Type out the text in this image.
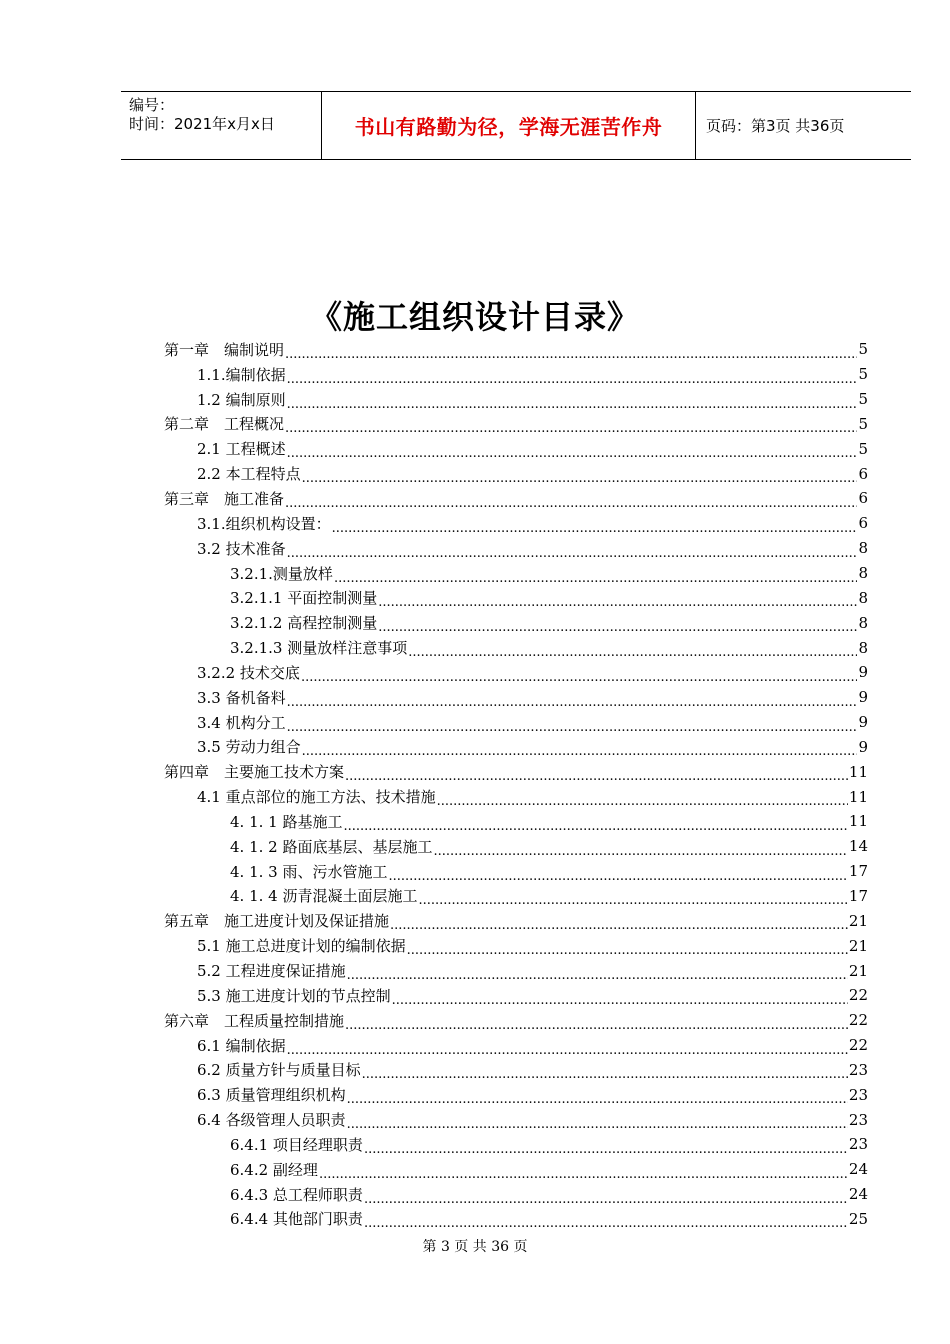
编号：
时间：2021年x月x日	书山有路勤为径，学海无涯苦作舟	页码：第3页 共36页
《施工组织设计目录》
第一章　编制说明 .....	5
1.1.编制依据 .....	5
1.2 编制原则 .....	5
第二章　工程概况 .....	5
2.1 工程概述 .....	5
2.2 本工程特点 .....	6
第三章　施工准备 .....	6
3.1.组织机构设置： .....	6
3.2 技术准备 .....	8
3.2.1.测量放样 .....	8
3.2.1.1 平面控制测量 .....	8
3.2.1.2 高程控制测量 .....	8
3.2.1.3 测量放样注意事项 .....	8
3.2.2 技术交底 .....	9
3.3 备机备料 .....	9
3.4 机构分工 .....	9
3.5 劳动力组合 .....	9
第四章　主要施工技术方案 .....	11
4.1 重点部位的施工方法、技术措施 .....	11
4. 1. 1 路基施工 .....	11
4. 1. 2 路面底基层、基层施工 .....	14
4. 1. 3 雨、污水管施工 .....	17
4. 1. 4 沥青混凝土面层施工 .....	17
第五章　施工进度计划及保证措施 .....	21
5.1 施工总进度计划的编制依据 .....	21
5.2 工程进度保证措施 .....	21
5.3 施工进度计划的节点控制 .....	22
第六章　工程质量控制措施 .....	22
6.1 编制依据 .....	22
6.2 质量方针与质量目标 .....	23
6.3 质量管理组织机构 .....	23
6.4 各级管理人员职责 .....	23
6.4.1 项目经理职责 .....	23
6.4.2 副经理 .....	24
6.4.3 总工程师职责 .....	24
6.4.4 其他部门职责 .....	25
第 3 页 共 36 页
